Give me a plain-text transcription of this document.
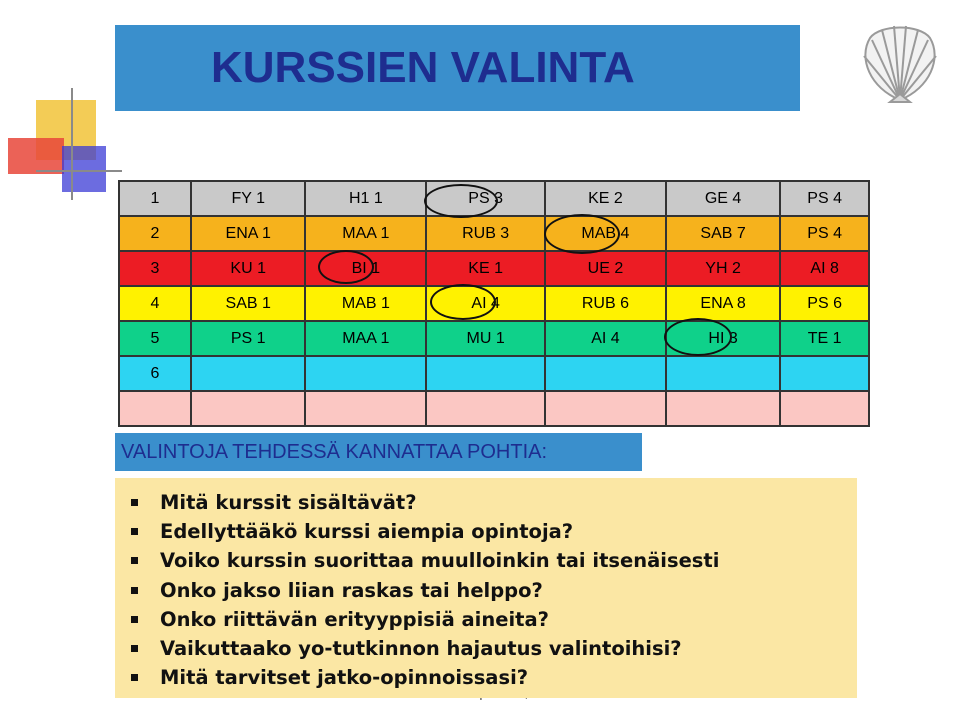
KURSSIEN VALINTA
1	FY 1	H1 1	PS 3	KE 2	GE 4	PS 4
2	ENA 1	MAA 1	RUB 3	MAB 4	SAB 7	PS 4
3	KU 1	BI 1	KE 1	UE 2	YH 2	AI 8
4	SAB 1	MAB 1	AI 4	RUB 6	ENA 8	PS 6
5	PS 1	MAA 1	MU 1	AI 4	HI 3	TE 1
6						

VALINTOJA TEHDESSÄ KANNATTAA POHTIA:
Mitä kurssit sisältävät?
Edellyttääkö kurssi aiempia opintoja?
Voiko kurssin suorittaa muulloinkin tai itsenäisesti
Onko jakso liian raskas tai helppo?
Onko riittävän erityyppisiä aineita?
Vaikuttaako yo-tutkinnon hajautus valintoihisi?
Mitä tarvitset jatko-opinnoissasi?
